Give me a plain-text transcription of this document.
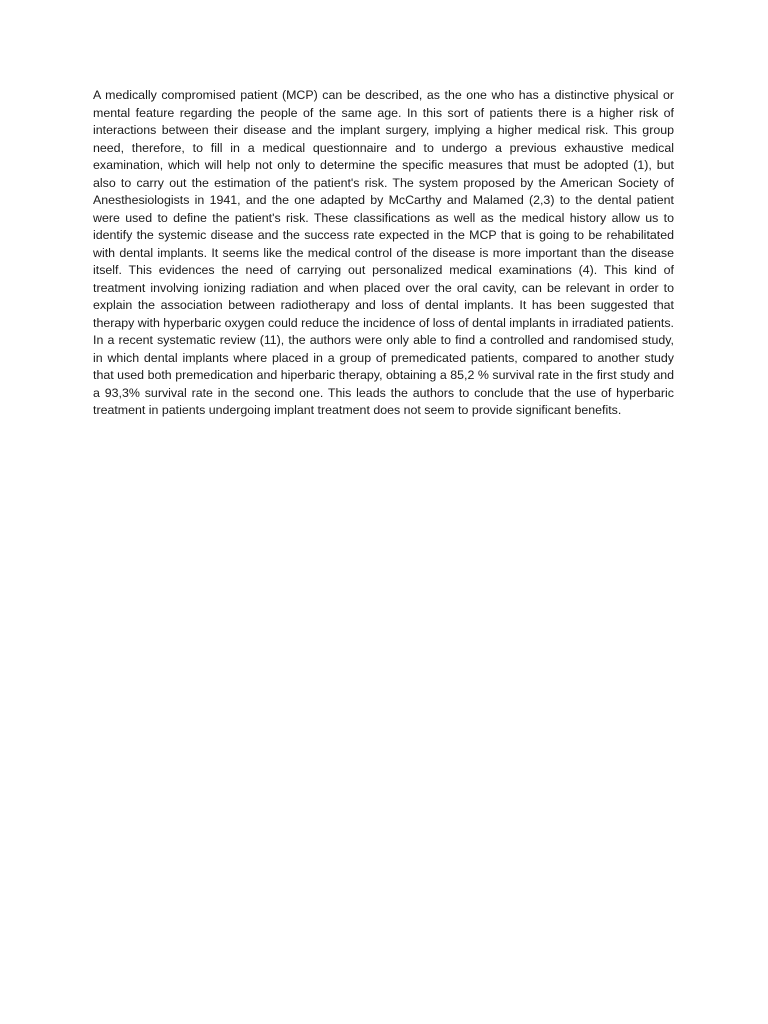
A medically compromised patient (MCP) can be described, as the one who has a distinctive physical or mental feature regarding the people of the same age. In this sort of patients there is a higher risk of interactions between their disease and the implant surgery, implying a higher medical risk. This group need, therefore, to fill in a medical questionnaire and to undergo a previous exhaustive medical examination, which will help not only to determine the specific measures that must be adopted (1), but also to carry out the estimation of the patient's risk. The system proposed by the American Society of Anesthesiologists in 1941, and the one adapted by McCarthy and Malamed (2,3) to the dental patient were used to define the patient's risk. These classifications as well as the medical history allow us to identify the systemic disease and the success rate expected in the MCP that is going to be rehabilitated with dental implants. It seems like the medical control of the disease is more important than the disease itself. This evidences the need of carrying out personalized medical examinations (4). This kind of treatment involving ionizing radiation and when placed over the oral cavity, can be relevant in order to explain the association between radiotherapy and loss of dental implants. It has been suggested that therapy with hyperbaric oxygen could reduce the incidence of loss of dental implants in irradiated patients. In a recent systematic review (11), the authors were only able to find a controlled and randomised study, in which dental implants where placed in a group of premedicated patients, compared to another study that used both premedication and hiperbaric therapy, obtaining a 85,2 % survival rate in the first study and a 93,3% survival rate in the second one. This leads the authors to conclude that the use of hyperbaric treatment in patients undergoing implant treatment does not seem to provide significant benefits.
